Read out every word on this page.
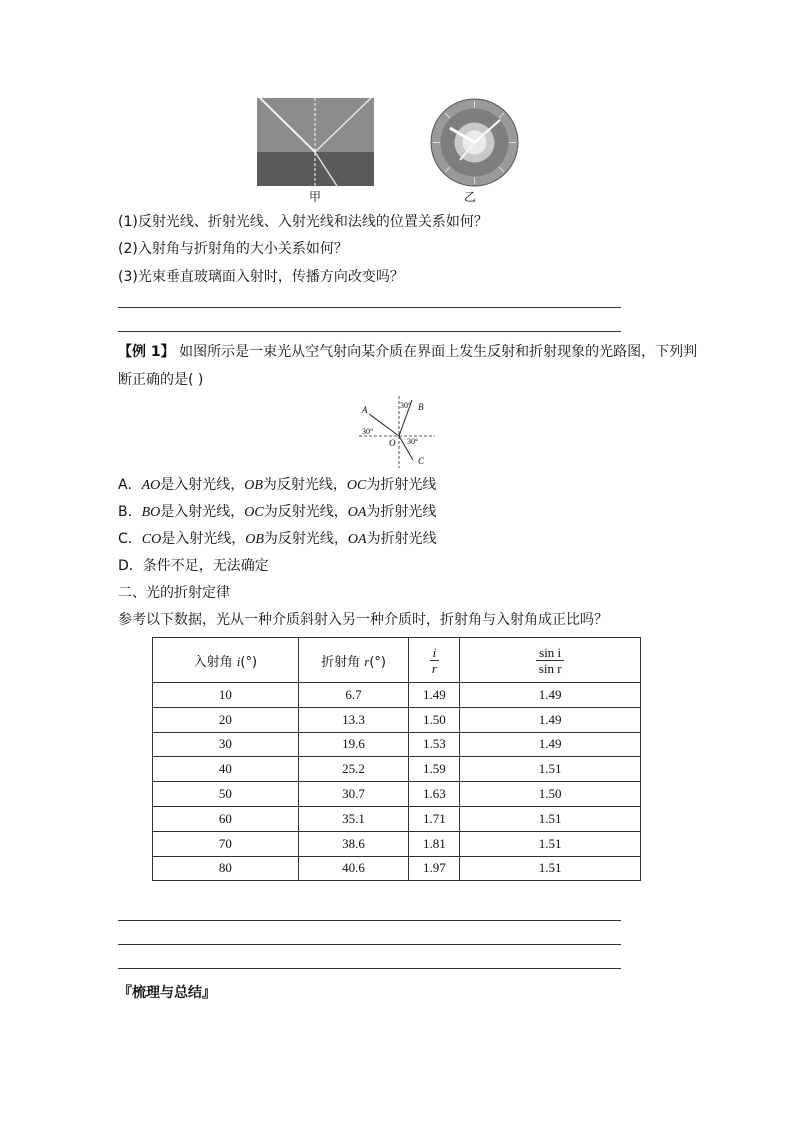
甲	乙
(1)反射光线、折射光线、入射光线和法线的位置关系如何？
(2)入射角与折射角的大小关系如何？
(3)光束垂直玻璃面入射时，传播方向改变吗？
【例 1】 如图所示是一束光从空气射向某介质在界面上发生反射和折射现象的光路图，下列判
断正确的是( )
A	B
C
O
30°
30°
30°
A．AO是入射光线，OB为反射光线，OC为折射光线
B．BO是入射光线，OC为反射光线，OA为折射光线
C．CO是入射光线，OB为反射光线，OA为折射光线
D．条件不足，无法确定
二、光的折射定律
参考以下数据，光从一种介质斜射入另一种介质时，折射角与入射角成正比吗？
入射角 i(°)	折射角 r(°)	$\frac{i}{r}$	$\frac{\text{sin i}}{\text{sin r}}$

10	6.7	1.49	1.49
20	13.3	1.50	1.49
30	19.6	1.53	1.49
40	25.2	1.59	1.51
50	30.7	1.63	1.50
60	35.1	1.71	1.51
70	38.6	1.81	1.51
80	40.6	1.97	1.51
『梳理与总结』
